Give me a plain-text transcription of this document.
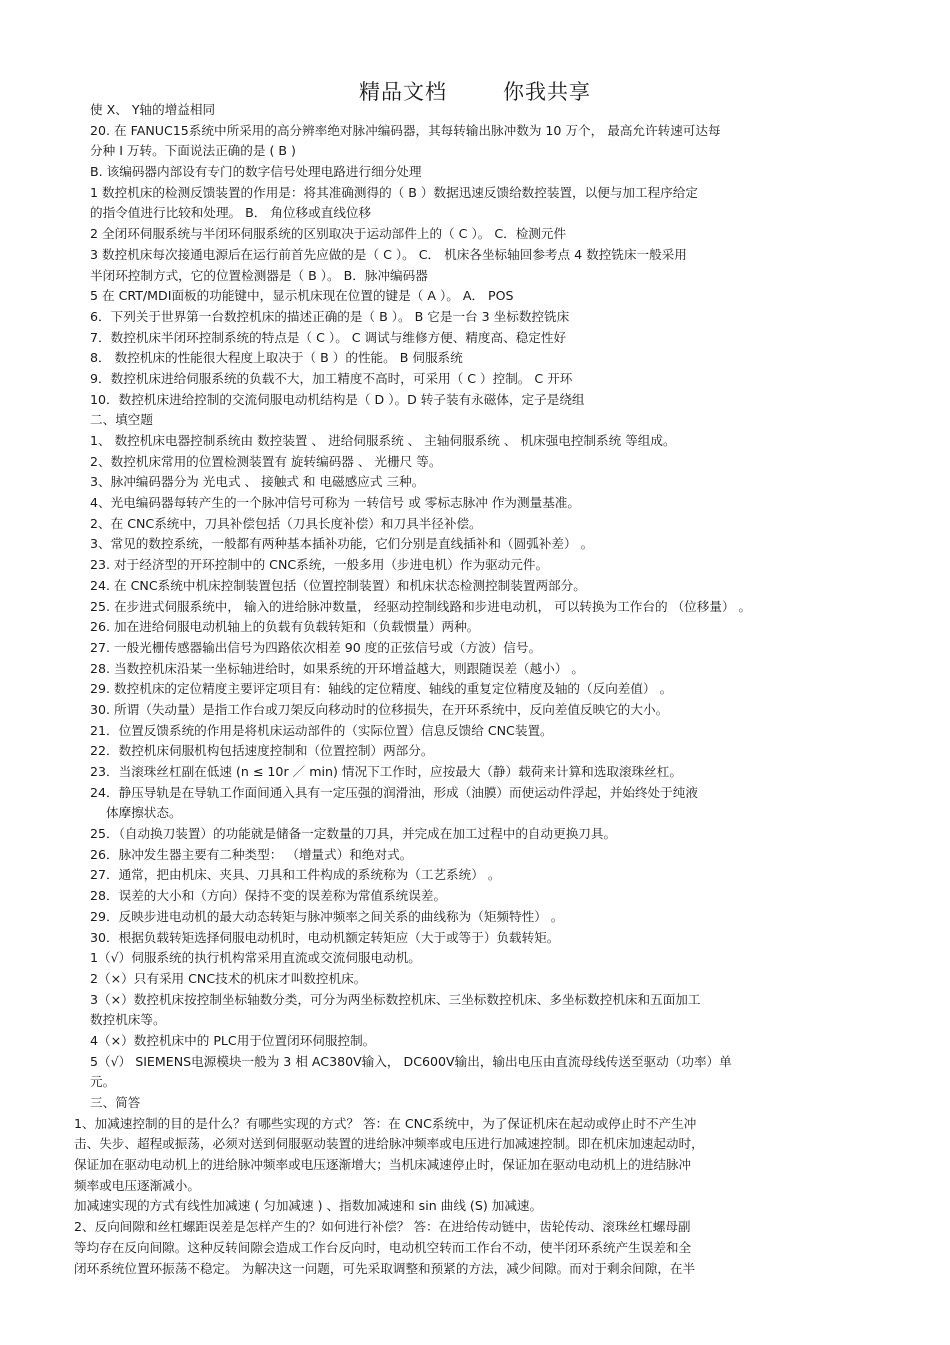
精品文档	你我共享
使 X、 Y轴的增益相同
20. 在 FANUC15系统中所采用的高分辨率绝对脉冲编码器，其每转输出脉冲数为 10 万个， 最高允许转速可达每
分种 I 万转。下面说法正确的是 ( B )
B. 该编码器内部设有专门的数字信号处理电路进行细分处理
1 数控机床的检测反馈装置的作用是：将其准确测得的（ B ）数据迅速反馈给数控装置，以便与加工程序给定
的指令值进行比较和处理。 B． 角位移或直线位移
2 全闭环伺服系统与半闭环伺服系统的区别取决于运动部件上的（ C ）。 C．检测元件
3 数控机床每次接通电源后在运行前首先应做的是（ C ）。 C． 机床各坐标轴回参考点 4 数控铣床一般采用
半闭环控制方式，它的位置检测器是（ B ）。 B．脉冲编码器
5 在 CRT/MDI面板的功能键中，显示机床现在位置的键是（ A ）。 A． POS
6．下列关于世界第一台数控机床的描述正确的是（ B ）。 B 它是一台 3 坐标数控铣床
7．数控机床半闭环控制系统的特点是（ C ）。 C 调试与维修方便、精度高、稳定性好
8． 数控机床的性能很大程度上取决于（ B ）的性能。 B 伺服系统
9．数控机床进给伺服系统的负载不大，加工精度不高时，可采用（ C ）控制。 C 开环
10．数控机床进给控制的交流伺服电动机结构是（ D ）。D 转子装有永磁体，定子是绕组
二、填空题
1、 数控机床电器控制系统由 数控装置 、 进给伺服系统 、 主轴伺服系统 、 机床强电控制系统 等组成。
2、数控机床常用的位置检测装置有 旋转编码器 、 光栅尺 等。
3、脉冲编码器分为 光电式 、 接触式 和 电磁感应式 三种。
4、光电编码器每转产生的一个脉冲信号可称为 一转信号 或 零标志脉冲 作为测量基准。
2、在 CNC系统中，刀具补偿包括（刀具长度补偿）和刀具半径补偿。
3、常见的数控系统，一般都有两种基本插补功能，它们分别是直线插补和（圆弧补差） 。
23. 对于经济型的开环控制中的 CNC系统，一般多用（步进电机）作为驱动元件。
24. 在 CNC系统中机床控制装置包括（位置控制装置）和机床状态检测控制装置两部分。
25. 在步进式伺服系统中， 输入的进给脉冲数量， 经驱动控制线路和步进电动机， 可以转换为工作台的 （位移量） 。
26. 加在进给伺服电动机轴上的负载有负载转矩和（负载惯量）两种。
27. 一般光栅传感器输出信号为四路依次相差 90 度的正弦信号或（方波）信号。
28. 当数控机床沿某一坐标轴进给时，如果系统的开环增益越大，则跟随误差（越小） 。
29. 数控机床的定位精度主要评定项目有：轴线的定位精度、轴线的重复定位精度及轴的（反向差值） 。
30. 所谓（失动量）是指工作台或刀架反向移动时的位移损失，在开环系统中，反向差值反映它的大小。
21．位置反馈系统的作用是将机床运动部件的（实际位置）信息反馈给 CNC装置。
22．数控机床伺服机构包括速度控制和（位置控制）两部分。
23．当滚珠丝杠副在低速 (n ≤ 10r ／ min) 情况下工作时，应按最大（静）载荷来计算和选取滚珠丝杠。
24．静压导轨是在导轨工作面间通入具有一定压强的润滑油，形成（油膜）而使运动件浮起，并始终处于纯液
体摩擦状态。
25．（自动换刀装置）的功能就是储备一定数量的刀具，并完成在加工过程中的自动更换刀具。
26．脉冲发生器主要有二种类型： （增量式）和绝对式。
27．通常，把由机床、夹具、刀具和工件构成的系统称为（工艺系统） 。
28．误差的大小和（方向）保持不变的误差称为常值系统误差。
29．反映步进电动机的最大动态转矩与脉冲频率之间关系的曲线称为（矩频特性） 。
30．根据负载转矩选择伺服电动机时，电动机额定转矩应（大于或等于）负载转矩。
1（√）伺服系统的执行机构常采用直流或交流伺服电动机。
2（×）只有采用 CNC技术的机床才叫数控机床。
3（×）数控机床按控制坐标轴数分类，可分为两坐标数控机床、三坐标数控机床、多坐标数控机床和五面加工
数控机床等。
4（×）数控机床中的 PLC用于位置闭环伺服控制。
5（√） SIEMENS电源模块一般为 3 相 AC380V输入， DC600V输出，输出电压由直流母线传送至驱动（功率）单
元。
三、简答
1、加减速控制的目的是什么？有哪些实现的方式？ 答：在 CNC系统中，为了保证机床在起动或停止时不产生冲
击、失步、超程或振荡，必须对送到伺服驱动装置的进给脉冲频率或电压进行加减速控制。即在机床加速起动时，
保证加在驱动电动机上的进给脉冲频率或电压逐渐增大；当机床减速停止时，保证加在驱动电动机上的进结脉冲
频率或电压逐渐减小。
加减速实现的方式有线性加减速 ( 匀加减速 ) 、指数加减速和 sin 曲线 (S) 加减速。
2、反向间隙和丝杠螺距误差是怎样产生的？如何进行补偿？ 答：在进给传动链中，齿轮传动、滚珠丝杠螺母副
等均存在反向间隙。这种反转间隙会造成工作台反向时，电动机空转而工作台不动，使半闭环系统产生误差和全
闭环系统位置环振荡不稳定。 为解决这一问题，可先采取调整和预紧的方法，减少间隙。而对于剩余间隙，在半
